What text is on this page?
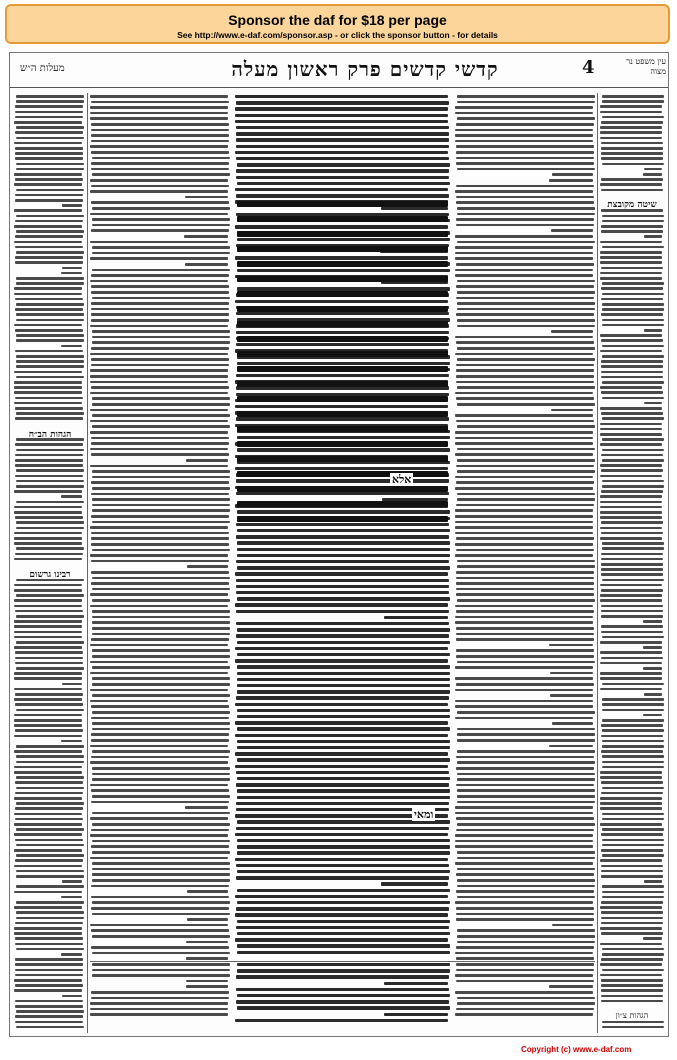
Sponsor the daf for $18 per page
See http://www.e-daf.com/sponsor.asp - or click the sponsor button - for details
מעלות ה״ש	קדשי קדשים פרק ראשון מעלה	4	עין משפט נר מצוה
הגהות הב״ח
רבינו גרשום
שיטה מקובצת
אלא
ומאי
הגהות צ״ון
Copyright (c) www.e-daf.com
